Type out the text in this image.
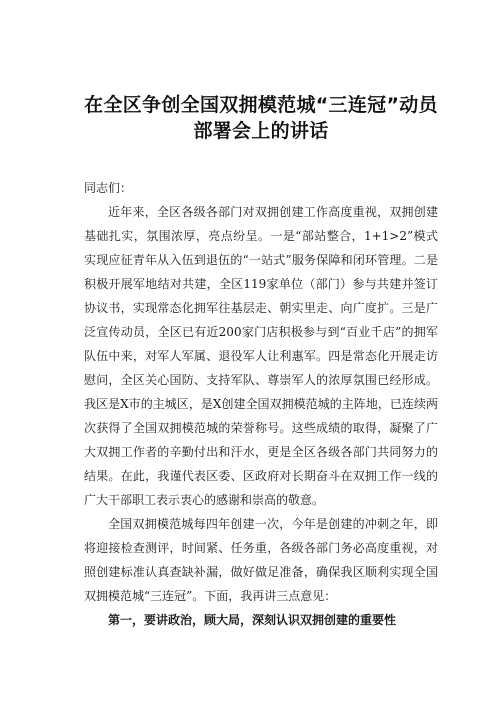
在全区争创全国双拥模范城“三连冠”动员部署会上的讲话

同志们：

近年来，全区各级各部门对双拥创建工作高度重视，双拥创建基础扎实，氛围浓厚，亮点纷呈。一是“部站整合，1+1>2”模式实现应征青年从入伍到退伍的“一站式”服务保障和闭环管理。二是积极开展军地结对共建，全区119家单位（部门）参与共建并签订协议书，实现常态化拥军往基层走、朝实里走、向广度扩。三是广泛宣传动员，全区已有近200家门店积极参与到“百业千店”的拥军队伍中来，对军人军属、退役军人让利惠军。四是常态化开展走访慰问，全区关心国防、支持军队、尊崇军人的浓厚氛围已经形成。我区是X市的主城区，是X创建全国双拥模范城的主阵地，已连续两次获得了全国双拥模范城的荣誉称号。这些成绩的取得，凝聚了广大双拥工作者的辛勤付出和汗水，更是全区各级各部门共同努力的结果。在此，我谨代表区委、区政府对长期奋斗在双拥工作一线的广大干部职工表示衷心的感谢和崇高的敬意。

全国双拥模范城每四年创建一次，今年是创建的冲刺之年，即将迎接检查测评，时间紧、任务重，各级各部门务必高度重视，对照创建标准认真查缺补漏，做好做足准备，确保我区顺利实现全国双拥模范城“三连冠”。下面，我再讲三点意见：

第一，要讲政治，顾大局，深刻认识双拥创建的重要性
